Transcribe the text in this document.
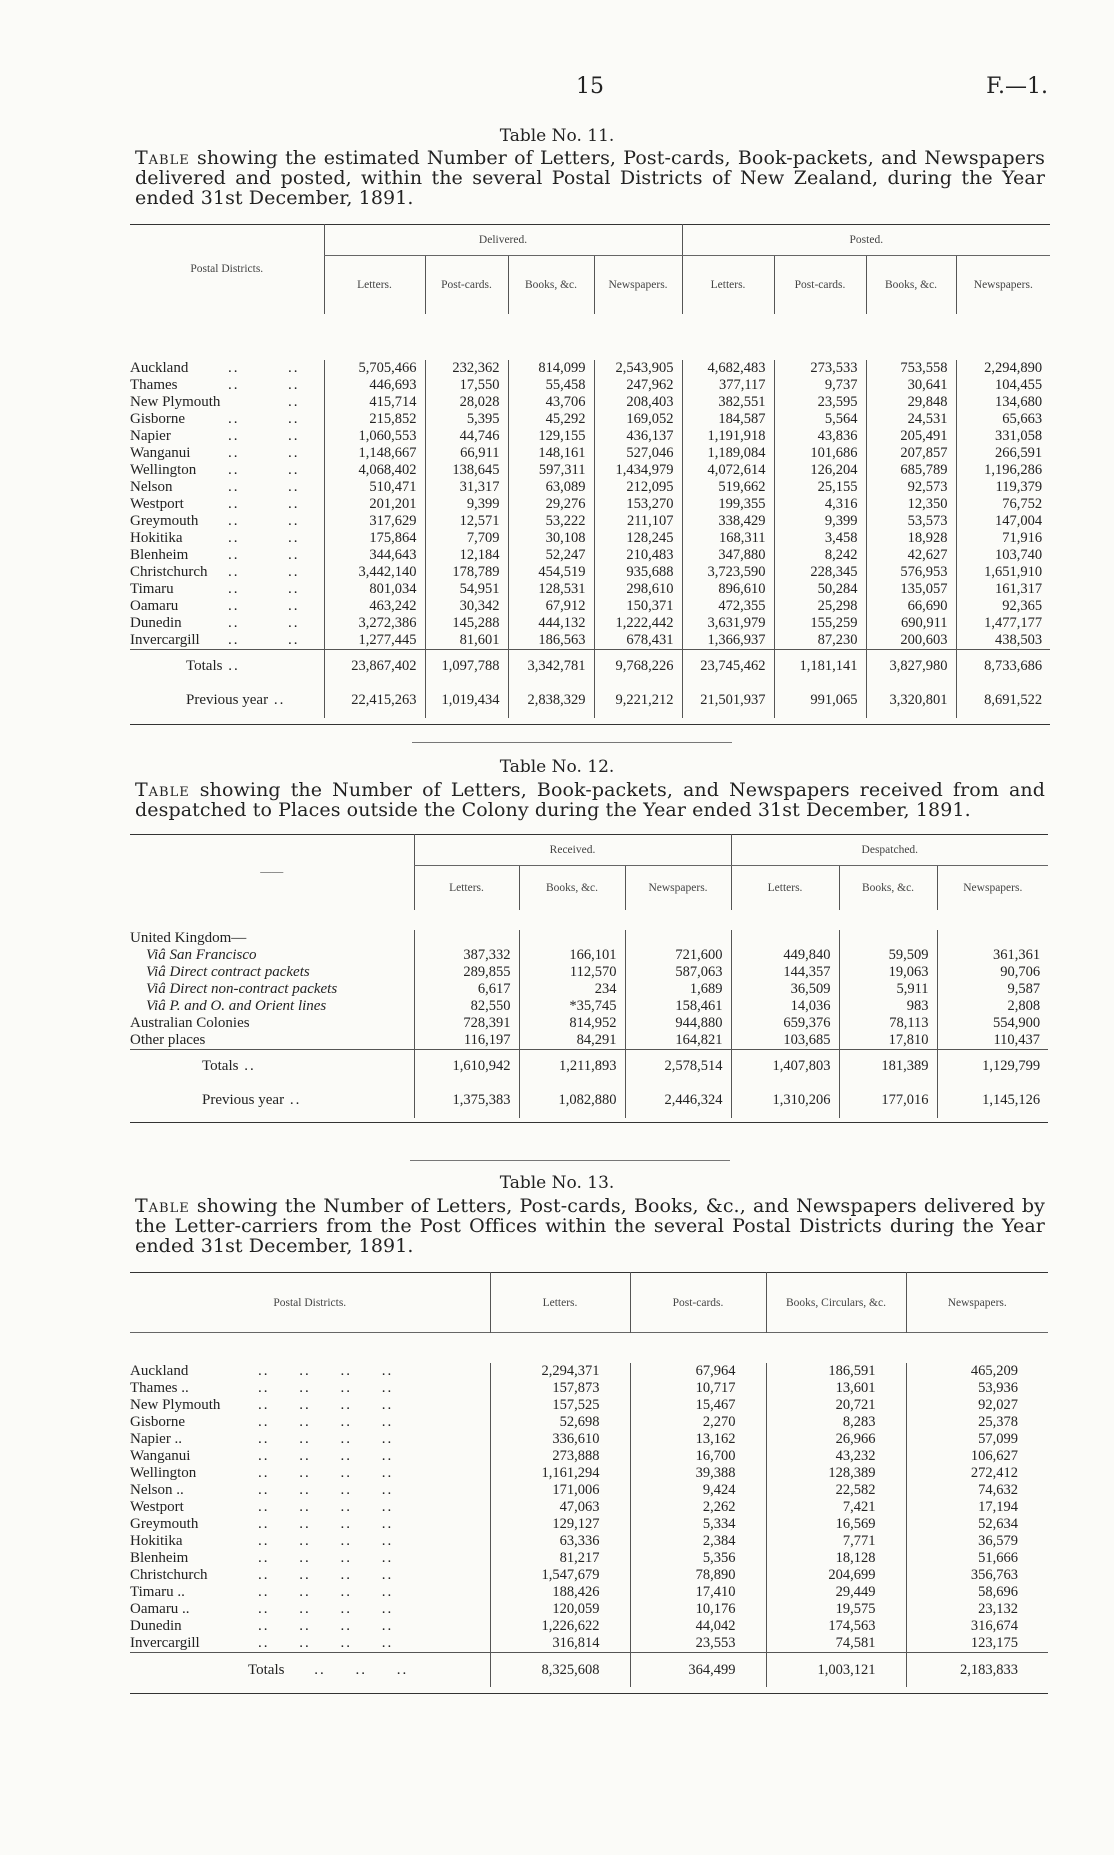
15	F.—1.
Table No. 11.
Table showing the estimated Number of Letters, Post-cards, Book-packets, and Newspapers delivered and posted, within the several Postal Districts of New Zealand, during the Year ended 31st December, 1891.
Postal Districts.	Delivered.				Posted.			
	Letters.	Post-cards.	Books, &c.	Newspapers.	Letters.	Post-cards.	Books, &c.	Newspapers.

Auckland .. ..	5,705,466	232,362	814,099	2,543,905	4,682,483	273,533	753,558	2,294,890
Thames .. ..	446,693	17,550	55,458	247,962	377,117	9,737	30,641	104,455
New Plymouth ..	415,714	28,028	43,706	208,403	382,551	23,595	29,848	134,680
Gisborne .. ..	215,852	5,395	45,292	169,052	184,587	5,564	24,531	65,663
Napier .. ..	1,060,553	44,746	129,155	436,137	1,191,918	43,836	205,491	331,058
Wanganui .. ..	1,148,667	66,911	148,161	527,046	1,189,084	101,686	207,857	266,591
Wellington .. ..	4,068,402	138,645	597,311	1,434,979	4,072,614	126,204	685,789	1,196,286
Nelson .. ..	510,471	31,317	63,089	212,095	519,662	25,155	92,573	119,379
Westport .. ..	201,201	9,399	29,276	153,270	199,355	4,316	12,350	76,752
Greymouth .. ..	317,629	12,571	53,222	211,107	338,429	9,399	53,573	147,004
Hokitika .. ..	175,864	7,709	30,108	128,245	168,311	3,458	18,928	71,916
Blenheim .. ..	344,643	12,184	52,247	210,483	347,880	8,242	42,627	103,740
Christchurch .. ..	3,442,140	178,789	454,519	935,688	3,723,590	228,345	576,953	1,651,910
Timaru .. ..	801,034	54,951	128,531	298,610	896,610	50,284	135,057	161,317
Oamaru .. ..	463,242	30,342	67,912	150,371	472,355	25,298	66,690	92,365
Dunedin .. ..	3,272,386	145,288	444,132	1,222,442	3,631,979	155,259	690,911	1,477,177
Invercargill .. ..	1,277,445	81,601	186,563	678,431	1,366,937	87,230	200,603	438,503
Totals ..	23,867,402	1,097,788	3,342,781	9,768,226	23,745,462	1,181,141	3,827,980	8,733,686
Previous year ..	22,415,263	1,019,434	2,838,329	9,221,212	21,501,937	991,065	3,320,801	8,691,522

Table No. 12.
Table showing the Number of Letters, Book-packets, and Newspapers received from and despatched to Places outside the Colony during the Year ended 31st December, 1891.
——	Received.			Despatched.		
	Letters.	Books, &c.	Newspapers.	Letters.	Books, &c.	Newspapers.

United Kingdom—						
Viâ San Francisco	387,332	166,101	721,600	449,840	59,509	361,361
Viâ Direct contract packets	289,855	112,570	587,063	144,357	19,063	90,706
Viâ Direct non-contract packets	6,617	234	1,689	36,509	5,911	9,587
Viâ P. and O. and Orient lines	82,550	*35,745	158,461	14,036	983	2,808
Australian Colonies	728,391	814,952	944,880	659,376	78,113	554,900
Other places	116,197	84,291	164,821	103,685	17,810	110,437
Totals ..	1,610,942	1,211,893	2,578,514	1,407,803	181,389	1,129,799
Previous year ..	1,375,383	1,082,880	2,446,324	1,310,206	177,016	1,145,126

Table No. 13.
Table showing the Number of Letters, Post-cards, Books, &c., and Newspapers delivered by the Letter-carriers from the Post Offices within the several Postal Districts during the Year ended 31st December, 1891.
Postal Districts.	Letters.	Post-cards.	Books, Circulars, &c.	Newspapers.

Auckland .. .. .. ..	2,294,371	67,964	186,591	465,209
Thames .. .. .. .. ..	157,873	10,717	13,601	53,936
New Plymouth .. .. .. ..	157,525	15,467	20,721	92,027
Gisborne .. .. .. ..	52,698	2,270	8,283	25,378
Napier .. .. .. .. ..	336,610	13,162	26,966	57,099
Wanganui .. .. .. ..	273,888	16,700	43,232	106,627
Wellington .. .. .. ..	1,161,294	39,388	128,389	272,412
Nelson .. .. .. .. ..	171,006	9,424	22,582	74,632
Westport .. .. .. ..	47,063	2,262	7,421	17,194
Greymouth .. .. .. ..	129,127	5,334	16,569	52,634
Hokitika .. .. .. ..	63,336	2,384	7,771	36,579
Blenheim .. .. .. ..	81,217	5,356	18,128	51,666
Christchurch .. .. .. ..	1,547,679	78,890	204,699	356,763
Timaru .. .. .. .. ..	188,426	17,410	29,449	58,696
Oamaru .. .. .. .. ..	120,059	10,176	19,575	23,132
Dunedin .. .. .. ..	1,226,622	44,042	174,563	316,674
Invercargill .. .. .. ..	316,814	23,553	74,581	123,175
Totals .. .. ..	8,325,608	364,499	1,003,121	2,183,833
